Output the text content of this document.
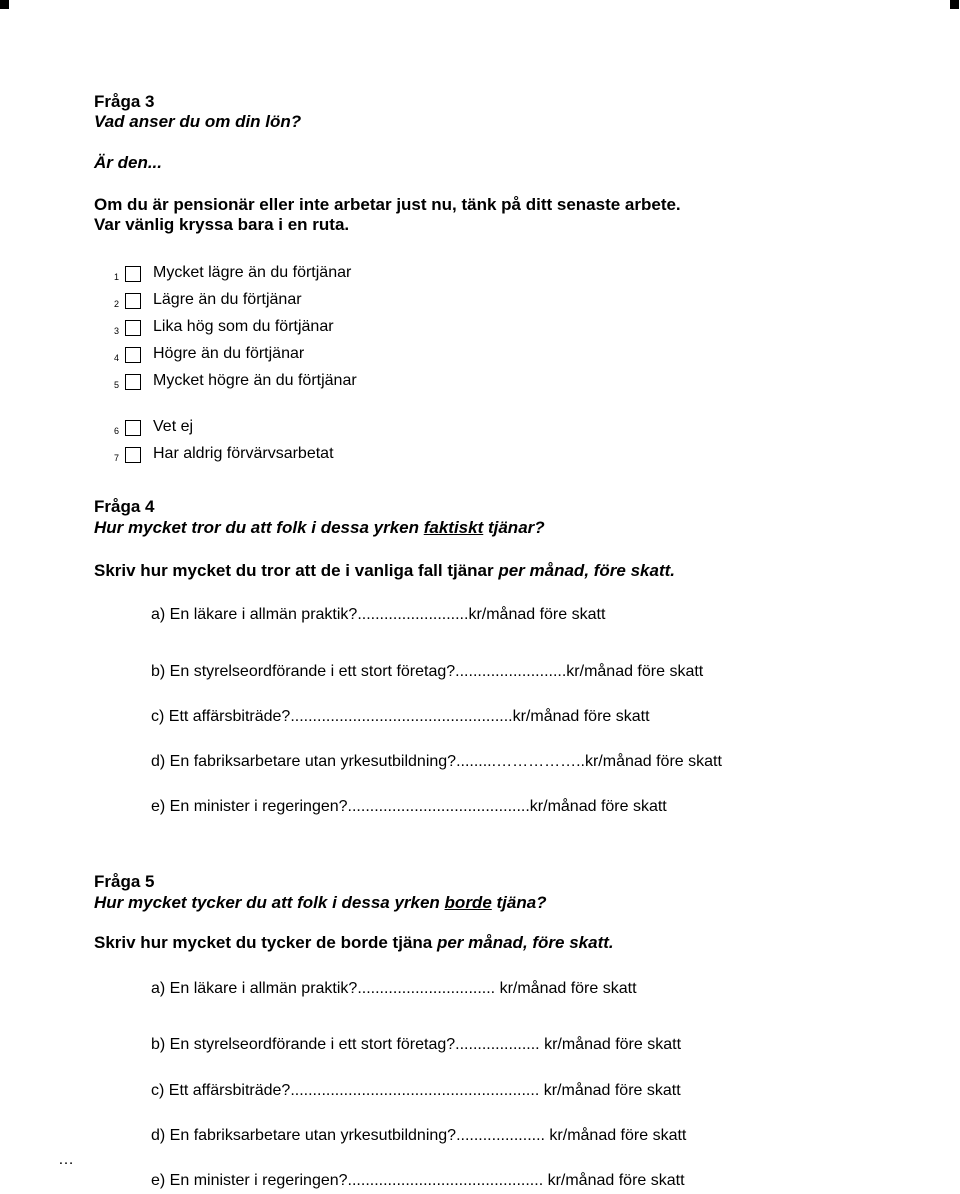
Fråga 3
Vad anser du om din lön?
Är den...
Om du är pensionär eller inte arbetar just nu, tänk på ditt senaste arbete.
Var vänlig kryssa bara i en ruta.
1	Mycket lägre än du förtjänar
2	Lägre än du förtjänar
3	Lika hög som du förtjänar
4	Högre än du förtjänar
5	Mycket högre än du förtjänar
6	Vet ej
7	Har aldrig förvärvsarbetat
Fråga 4
Hur mycket tror du att folk i dessa yrken faktiskt tjänar?
Skriv hur mycket du tror att de i vanliga fall tjänar per månad, före skatt.
a) En läkare i allmän praktik?.........................kr/månad före skatt
b) En styrelseordförande i ett stort företag?.........................kr/månad före skatt
c) Ett affärsbiträde?..................................................kr/månad före skatt
d) En fabriksarbetare utan yrkesutbildning?.........……………..kr/månad före skatt
e) En minister i regeringen?.........................................kr/månad före skatt
Fråga 5
Hur mycket tycker du att folk i dessa yrken borde tjäna?
Skriv hur mycket du tycker de borde tjäna per månad, före skatt.
a) En läkare i allmän praktik?............................... kr/månad före skatt
b) En styrelseordförande i ett stort företag?................... kr/månad före skatt
c) Ett affärsbiträde?........................................................ kr/månad före skatt
d) En fabriksarbetare utan yrkesutbildning?.................... kr/månad före skatt
e) En minister i regeringen?............................................ kr/månad före skatt
…
